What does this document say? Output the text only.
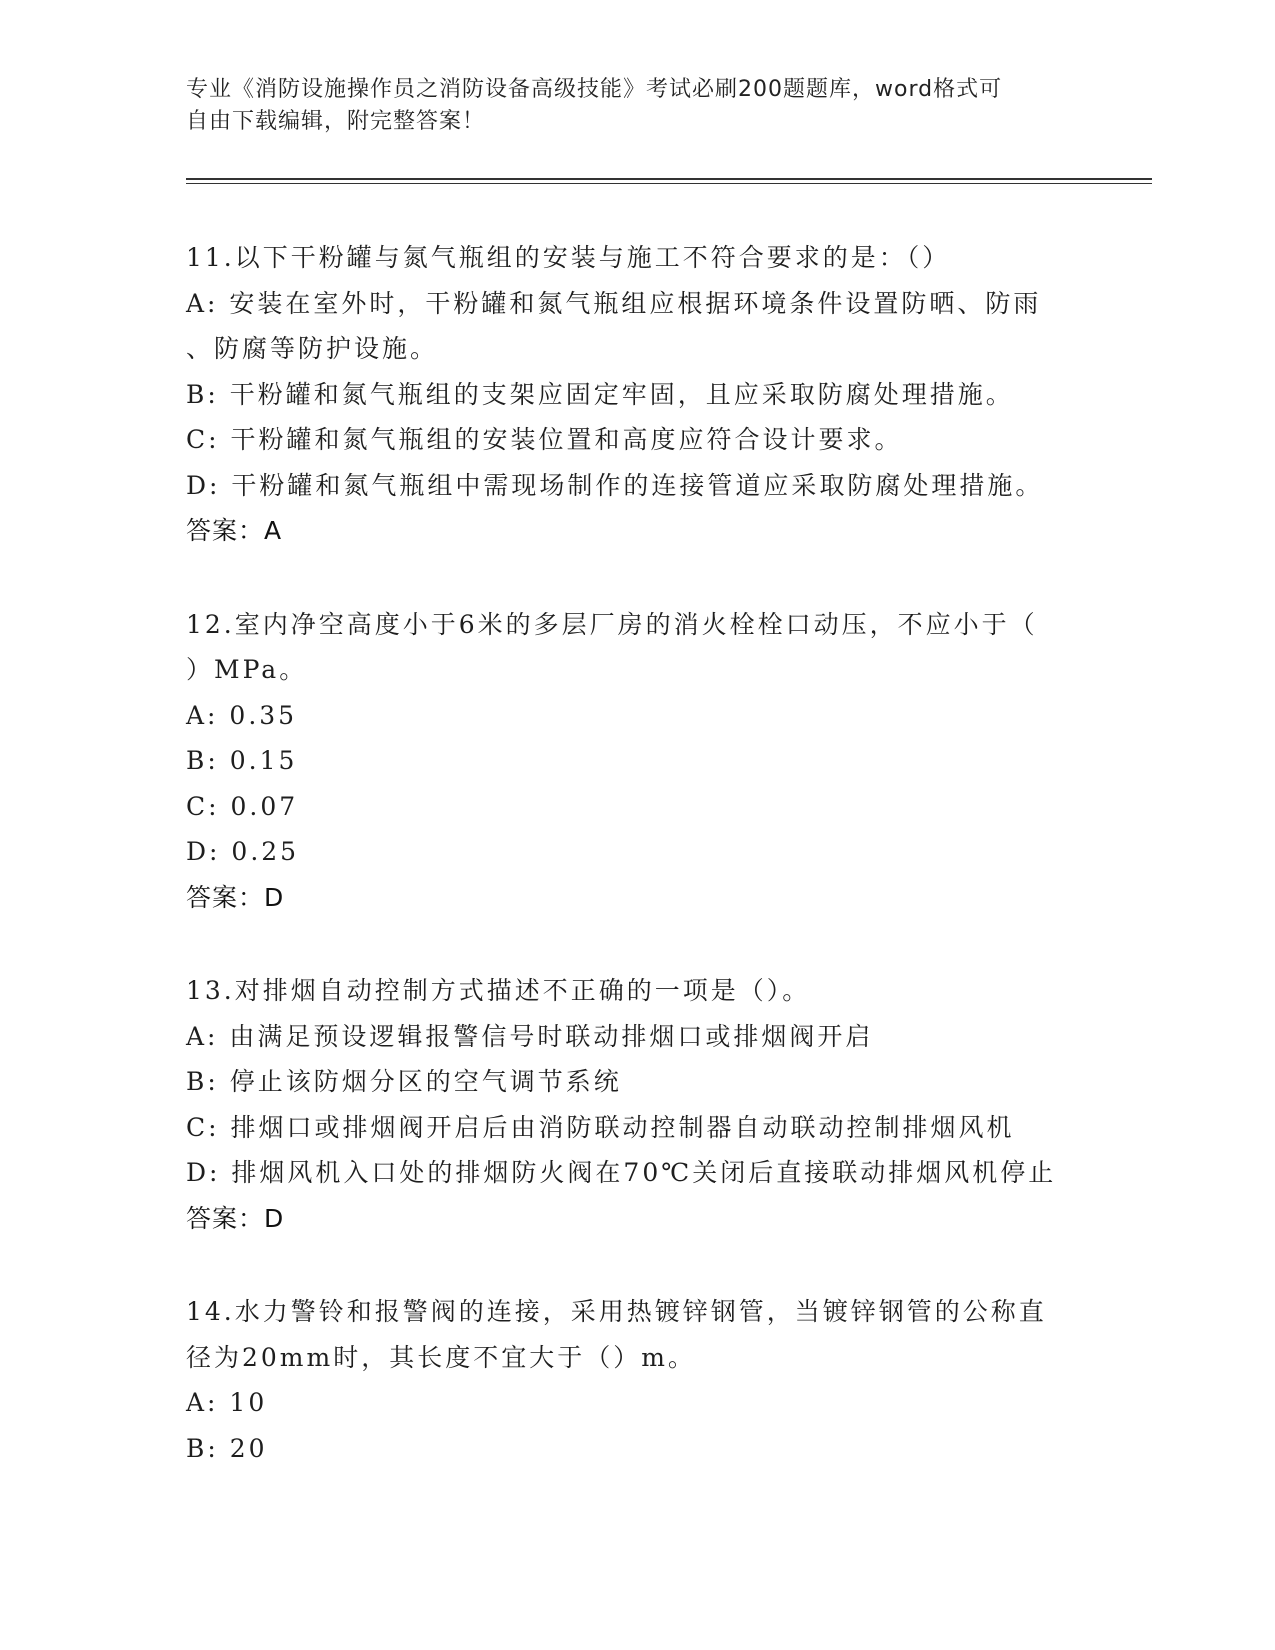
专业《消防设施操作员之消防设备高级技能》考试必刷200题题库，word格式可
自由下载编辑，附完整答案！
11.以下干粉罐与氮气瓶组的安装与施工不符合要求的是：（）
A: 安装在室外时，干粉罐和氮气瓶组应根据环境条件设置防晒、防雨
、防腐等防护设施。
B: 干粉罐和氮气瓶组的支架应固定牢固，且应采取防腐处理措施。
C: 干粉罐和氮气瓶组的安装位置和高度应符合设计要求。
D: 干粉罐和氮气瓶组中需现场制作的连接管道应采取防腐处理措施。
答案：A
12.室内净空高度小于6米的多层厂房的消火栓栓口动压，不应小于（
）MPa。
A: 0.35
B: 0.15
C: 0.07
D: 0.25
答案：D
13.对排烟自动控制方式描述不正确的一项是（）。
A: 由满足预设逻辑报警信号时联动排烟口或排烟阀开启
B: 停止该防烟分区的空气调节系统
C: 排烟口或排烟阀开启后由消防联动控制器自动联动控制排烟风机
D: 排烟风机入口处的排烟防火阀在70℃关闭后直接联动排烟风机停止
答案：D
14.水力警铃和报警阀的连接，采用热镀锌钢管，当镀锌钢管的公称直
径为20mm时，其长度不宜大于（）m。
A: 10
B: 20
